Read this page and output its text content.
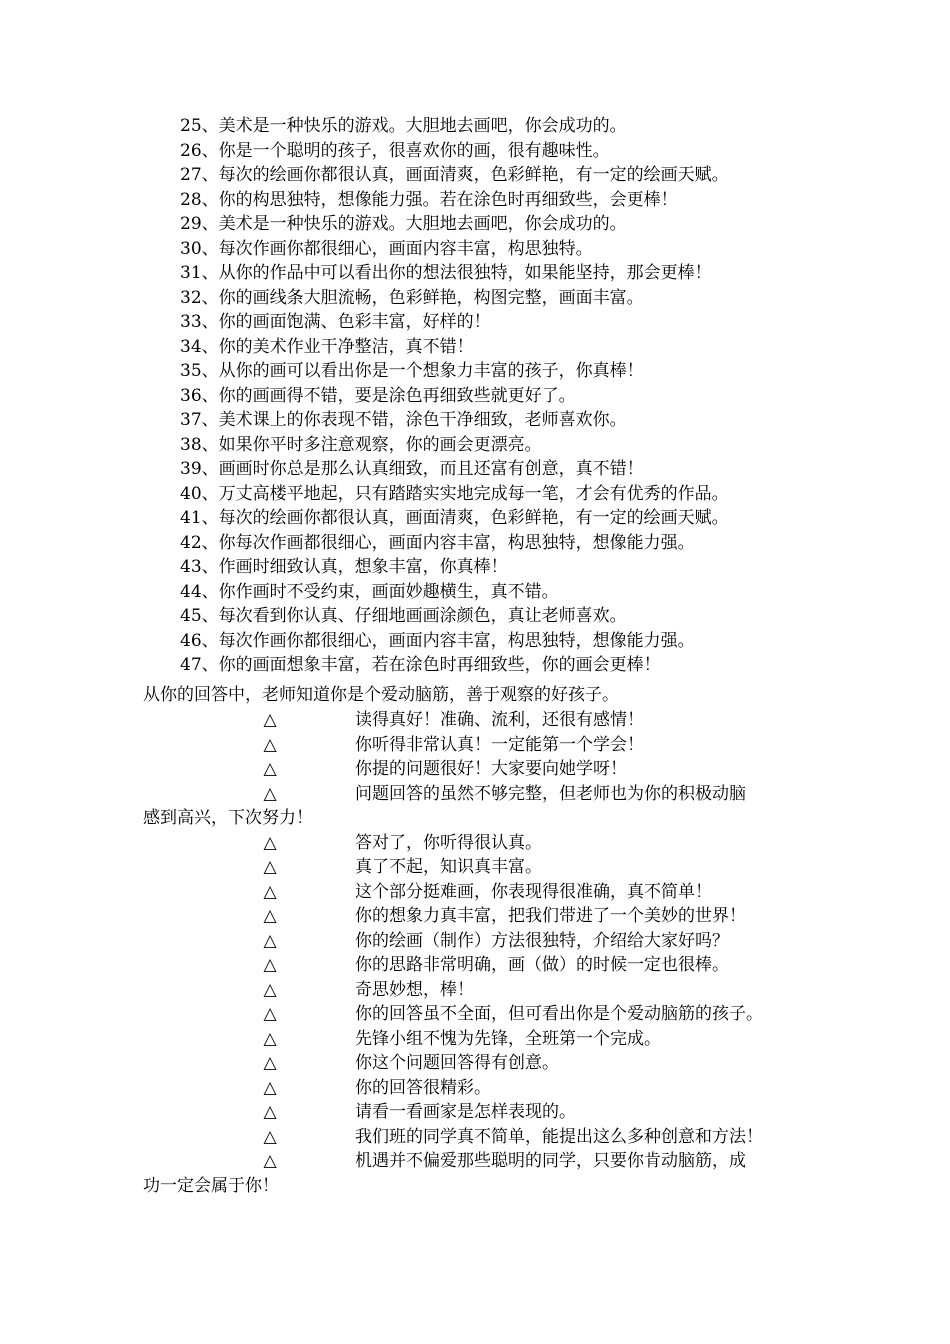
25、美术是一种快乐的游戏。大胆地去画吧，你会成功的。
26、你是一个聪明的孩子，很喜欢你的画，很有趣味性。
27、每次的绘画你都很认真，画面清爽，色彩鲜艳，有一定的绘画天赋。
28、你的构思独特，想像能力强。若在涂色时再细致些，会更棒！
29、美术是一种快乐的游戏。大胆地去画吧，你会成功的。
30、每次作画你都很细心，画面内容丰富，构思独特。
31、从你的作品中可以看出你的想法很独特，如果能坚持，那会更棒！
32、你的画线条大胆流畅，色彩鲜艳，构图完整，画面丰富。
33、你的画面饱满、色彩丰富，好样的！
34、你的美术作业干净整洁，真不错！
35、从你的画可以看出你是一个想象力丰富的孩子，你真棒！
36、你的画画得不错，要是涂色再细致些就更好了。
37、美术课上的你表现不错，涂色干净细致，老师喜欢你。
38、如果你平时多注意观察，你的画会更漂亮。
39、画画时你总是那么认真细致，而且还富有创意，真不错！
40、万丈高楼平地起，只有踏踏实实地完成每一笔，才会有优秀的作品。
41、每次的绘画你都很认真，画面清爽，色彩鲜艳，有一定的绘画天赋。
42、你每次作画都很细心，画面内容丰富，构思独特，想像能力强。
43、作画时细致认真，想象丰富，你真棒！
44、你作画时不受约束，画面妙趣横生，真不错。
45、每次看到你认真、仔细地画画涂颜色，真让老师喜欢。
46、每次作画你都很细心，画面内容丰富，构思独特，想像能力强。
47、你的画面想象丰富，若在涂色时再细致些，你的画会更棒！
从你的回答中，老师知道你是个爱动脑筋，善于观察的好孩子。
△	读得真好！准确、流利，还很有感情！
△	你听得非常认真！一定能第一个学会！
△	你提的问题很好！大家要向她学呀！
△	问题回答的虽然不够完整，但老师也为你的积极动脑
感到高兴，下次努力！
△	答对了，你听得很认真。
△	真了不起，知识真丰富。
△	这个部分挺难画，你表现得很准确，真不简单！
△	你的想象力真丰富，把我们带进了一个美妙的世界！
△	你的绘画（制作）方法很独特，介绍给大家好吗？
△	你的思路非常明确，画（做）的时候一定也很棒。
△	奇思妙想，棒！
△	你的回答虽不全面，但可看出你是个爱动脑筋的孩子。
△	先锋小组不愧为先锋，全班第一个完成。
△	你这个问题回答得有创意。
△	你的回答很精彩。
△	请看一看画家是怎样表现的。
△	我们班的同学真不简单，能提出这么多种创意和方法！
△	机遇并不偏爱那些聪明的同学，只要你肯动脑筋，成
功一定会属于你！
